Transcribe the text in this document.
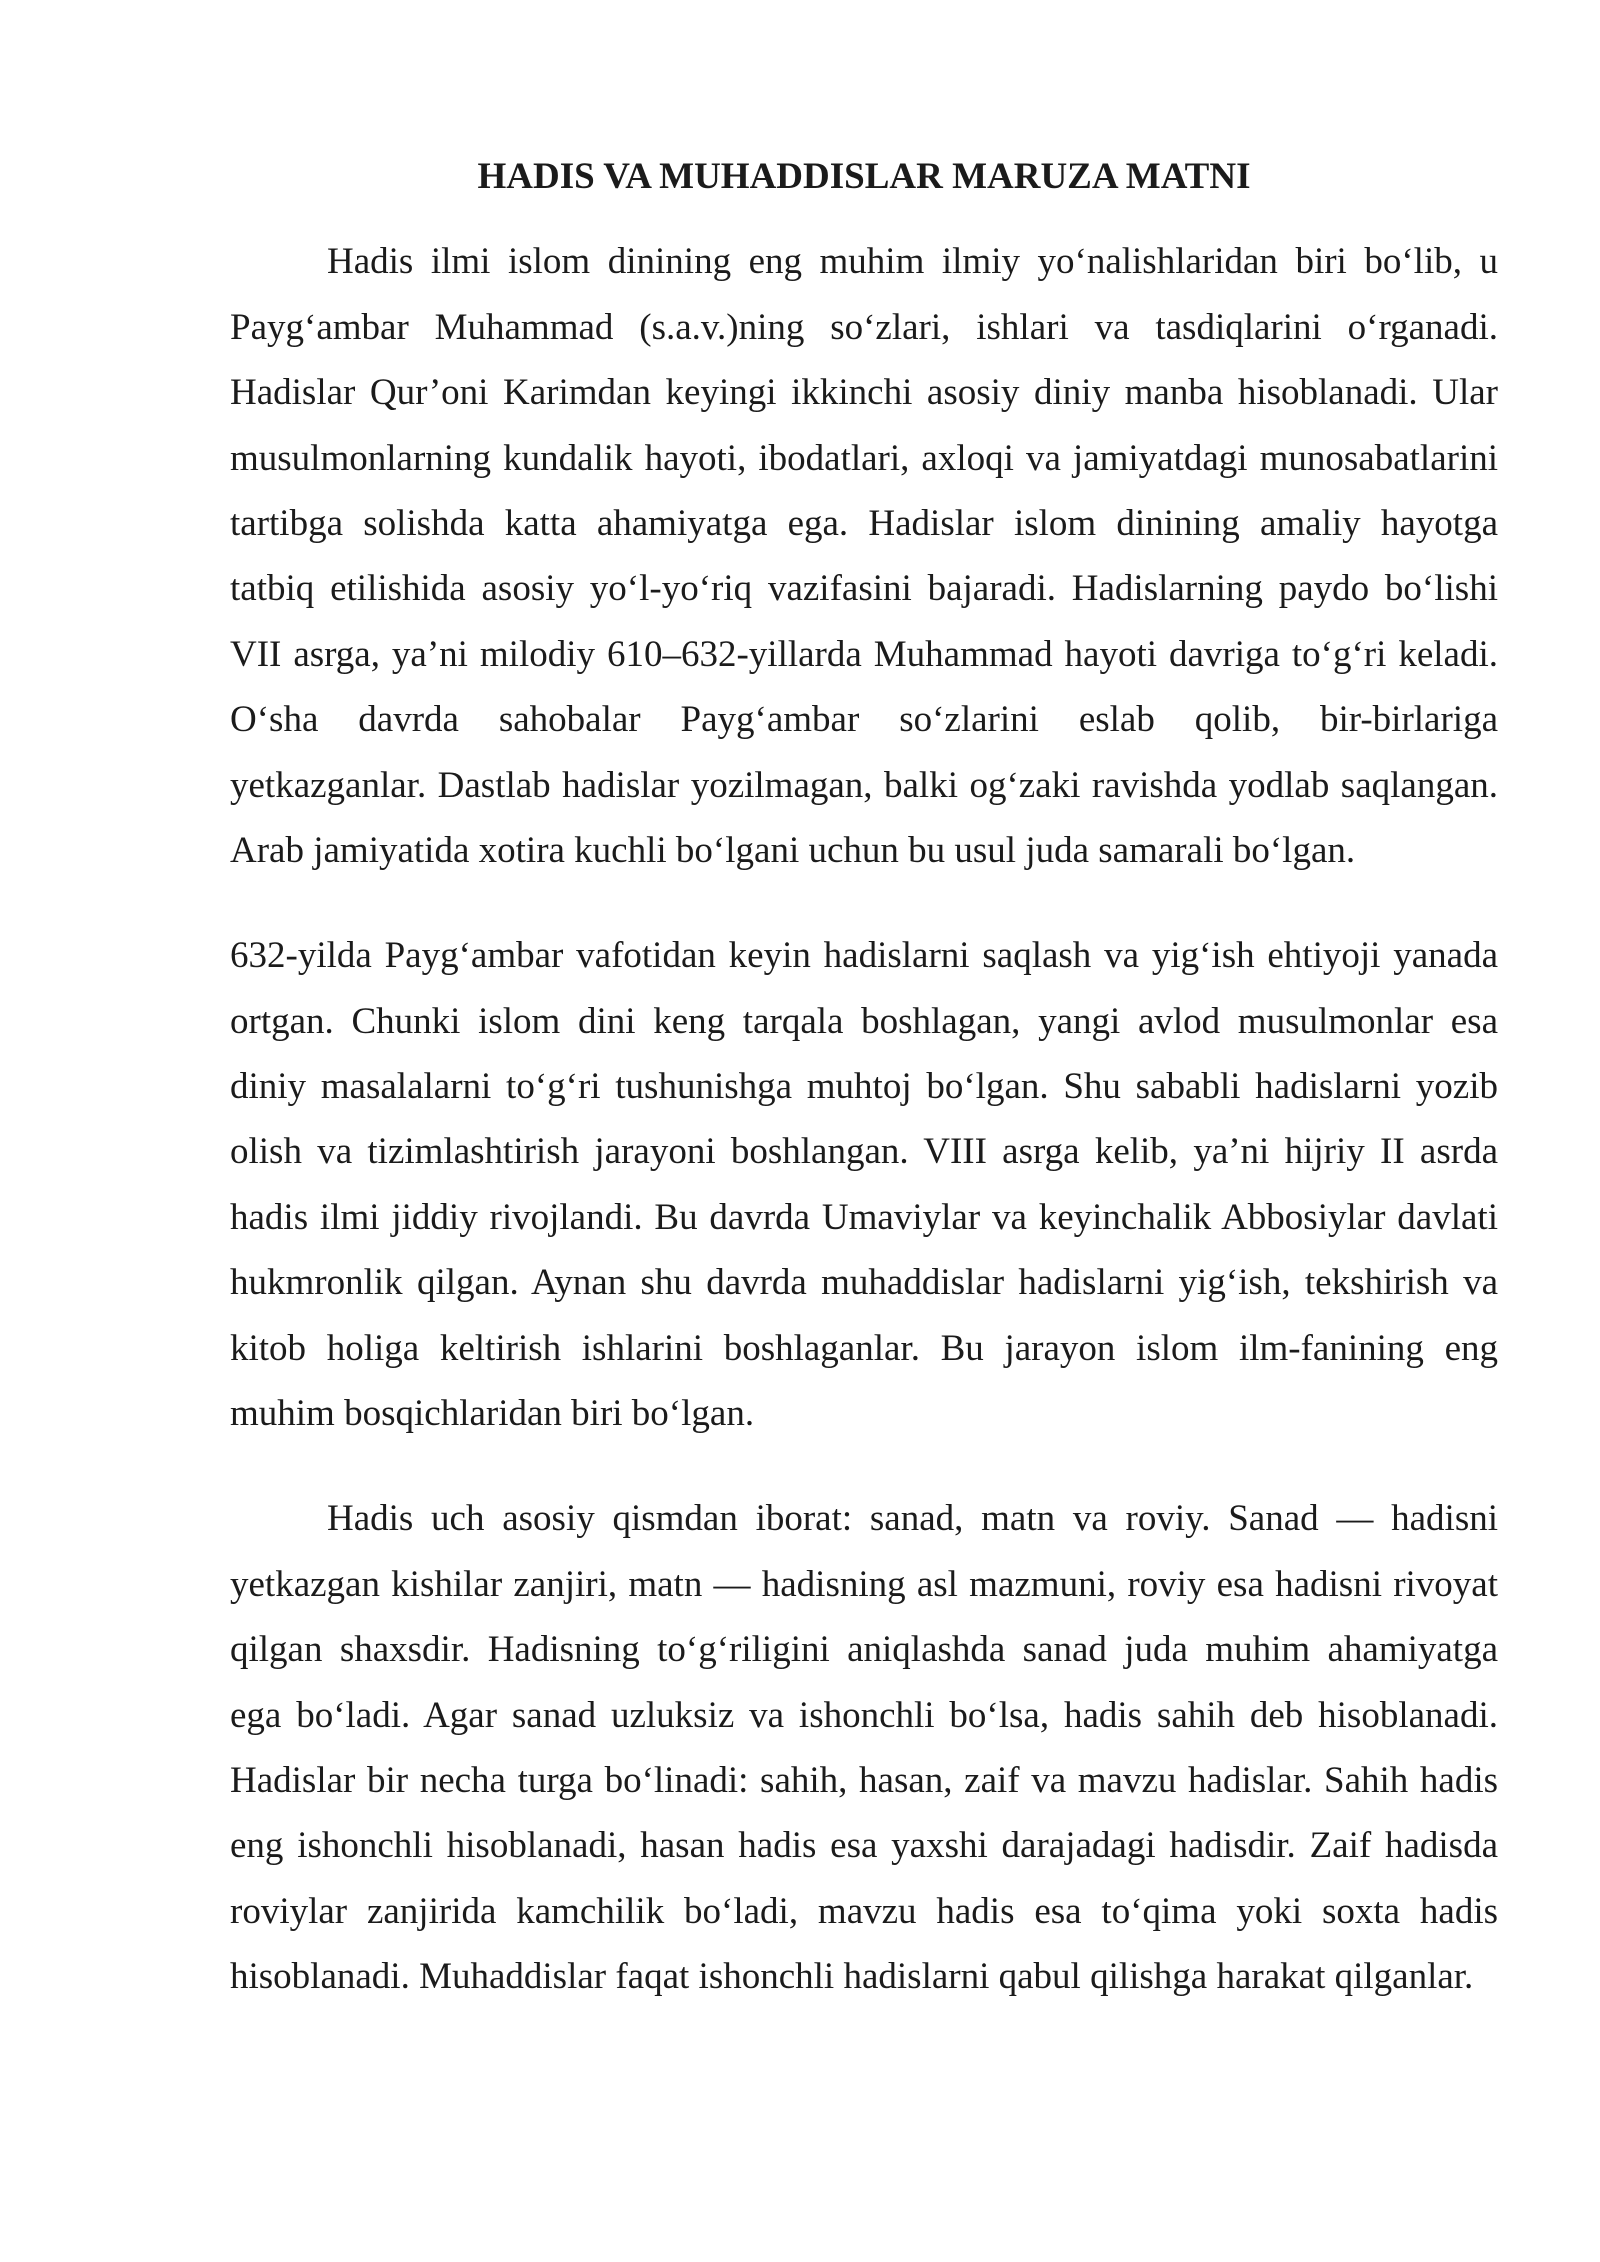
HADIS VA MUHADDISLAR MARUZA MATNI
Hadis ilmi islom dinining eng muhim ilmiy yo‘nalishlaridan biri bo‘lib, u
Payg‘ambar Muhammad (s.a.v.)ning so‘zlari, ishlari va tasdiqlarini o‘rganadi.
Hadislar Qur’oni Karimdan keyingi ikkinchi asosiy diniy manba hisoblanadi. Ular
musulmonlarning kundalik hayoti, ibodatlari, axloqi va jamiyatdagi munosabatlarini
tartibga solishda katta ahamiyatga ega. Hadislar islom dinining amaliy hayotga
tatbiq etilishida asosiy yo‘l-yo‘riq vazifasini bajaradi. Hadislarning paydo bo‘lishi
VII asrga, ya’ni milodiy 610–632-yillarda Muhammad hayoti davriga to‘g‘ri keladi.
O‘sha davrda sahobalar Payg‘ambar so‘zlarini eslab qolib, bir-birlariga
yetkazganlar. Dastlab hadislar yozilmagan, balki og‘zaki ravishda yodlab saqlangan.
Arab jamiyatida xotira kuchli bo‘lgani uchun bu usul juda samarali bo‘lgan.
632-yilda Payg‘ambar vafotidan keyin hadislarni saqlash va yig‘ish ehtiyoji yanada
ortgan. Chunki islom dini keng tarqala boshlagan, yangi avlod musulmonlar esa
diniy masalalarni to‘g‘ri tushunishga muhtoj bo‘lgan. Shu sababli hadislarni yozib
olish va tizimlashtirish jarayoni boshlangan. VIII asrga kelib, ya’ni hijriy II asrda
hadis ilmi jiddiy rivojlandi. Bu davrda Umaviylar va keyinchalik Abbosiylar davlati
hukmronlik qilgan. Aynan shu davrda muhaddislar hadislarni yig‘ish, tekshirish va
kitob holiga keltirish ishlarini boshlaganlar. Bu jarayon islom ilm-fanining eng
muhim bosqichlaridan biri bo‘lgan.
Hadis uch asosiy qismdan iborat: sanad, matn va roviy. Sanad — hadisni
yetkazgan kishilar zanjiri, matn — hadisning asl mazmuni, roviy esa hadisni rivoyat
qilgan shaxsdir. Hadisning to‘g‘riligini aniqlashda sanad juda muhim ahamiyatga
ega bo‘ladi. Agar sanad uzluksiz va ishonchli bo‘lsa, hadis sahih deb hisoblanadi.
Hadislar bir necha turga bo‘linadi: sahih, hasan, zaif va mavzu hadislar. Sahih hadis
eng ishonchli hisoblanadi, hasan hadis esa yaxshi darajadagi hadisdir. Zaif hadisda
roviylar zanjirida kamchilik bo‘ladi, mavzu hadis esa to‘qima yoki soxta hadis
hisoblanadi. Muhaddislar faqat ishonchli hadislarni qabul qilishga harakat qilganlar.
